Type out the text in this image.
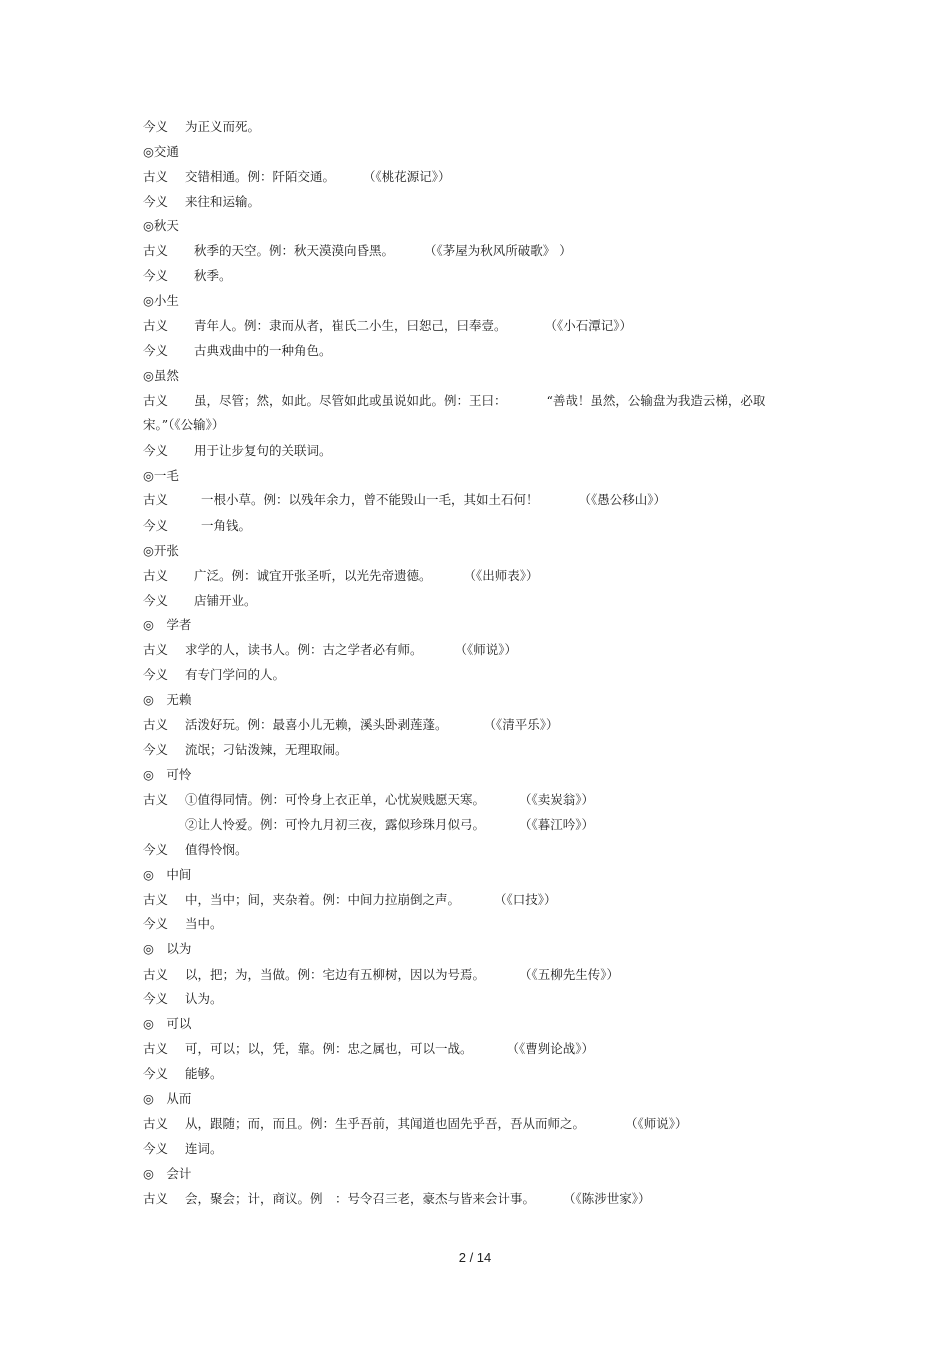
今义 为正义而死。
◎交通
古义 交错相通。例：阡陌交通。 （《桃花源记》）
今义 来往和运输。
◎秋天
古义 秋季的天空。例：秋天漠漠向昏黑。 （《茅屋为秋风所破歌》 ）
今义 秋季。
◎小生
古义 青年人。例：隶而从者，崔氏二小生，曰恕己，曰奉壹。	（《小石潭记》）
今义 古典戏曲中的一种角色。
◎虽然
古义 虽，尽管；然，如此。尽管如此或虽说如此。例：王曰：	“善哉！虽然，公输盘为我造云梯，必取
宋。”（《公输》）
今义 用于让步复句的关联词。
◎一毛
古义	一根小草。例：以残年余力，曾不能毁山一毛，其如土石何！	（《愚公移山》）
今义	一角钱。
◎开张
古义 广泛。例：诚宜开张圣听，以光先帝遗德。	（《出师表》）
今义 店铺开业。
◎　学者
古义 求学的人，读书人。例：古之学者必有师。	（《师说》）
今义 有专门学问的人。
◎　无赖
古义 活泼好玩。例：最喜小儿无赖，溪头卧剥莲蓬。	（《清平乐》）
今义 流氓；刁钻泼辣，无理取闹。
◎　可怜
古义 ①值得同情。例：可怜身上衣正单，心忧炭贱愿天寒。	（《卖炭翁》）
②让人怜爱。例：可怜九月初三夜，露似珍珠月似弓。	（《暮江吟》）
今义 值得怜悯。
◎　中间
古义 中，当中；间，夹杂着。例：中间力拉崩倒之声。	（《口技》）
今义 当中。
◎　以为
古义 以，把；为，当做。例：宅边有五柳树，因以为号焉。	（《五柳先生传》）
今义 认为。
◎　可以
古义 可，可以；以，凭，靠。例：忠之属也，可以一战。	（《曹刿论战》）
今义 能够。
◎　从而
古义 从，跟随；而，而且。例：生乎吾前，其闻道也固先乎吾，吾从而师之。	（《师说》）
今义 连词。
◎　会计
古义 会，聚会；计，商议。例　：号令召三老，豪杰与皆来会计事。 （《陈涉世家》）
2 / 14
